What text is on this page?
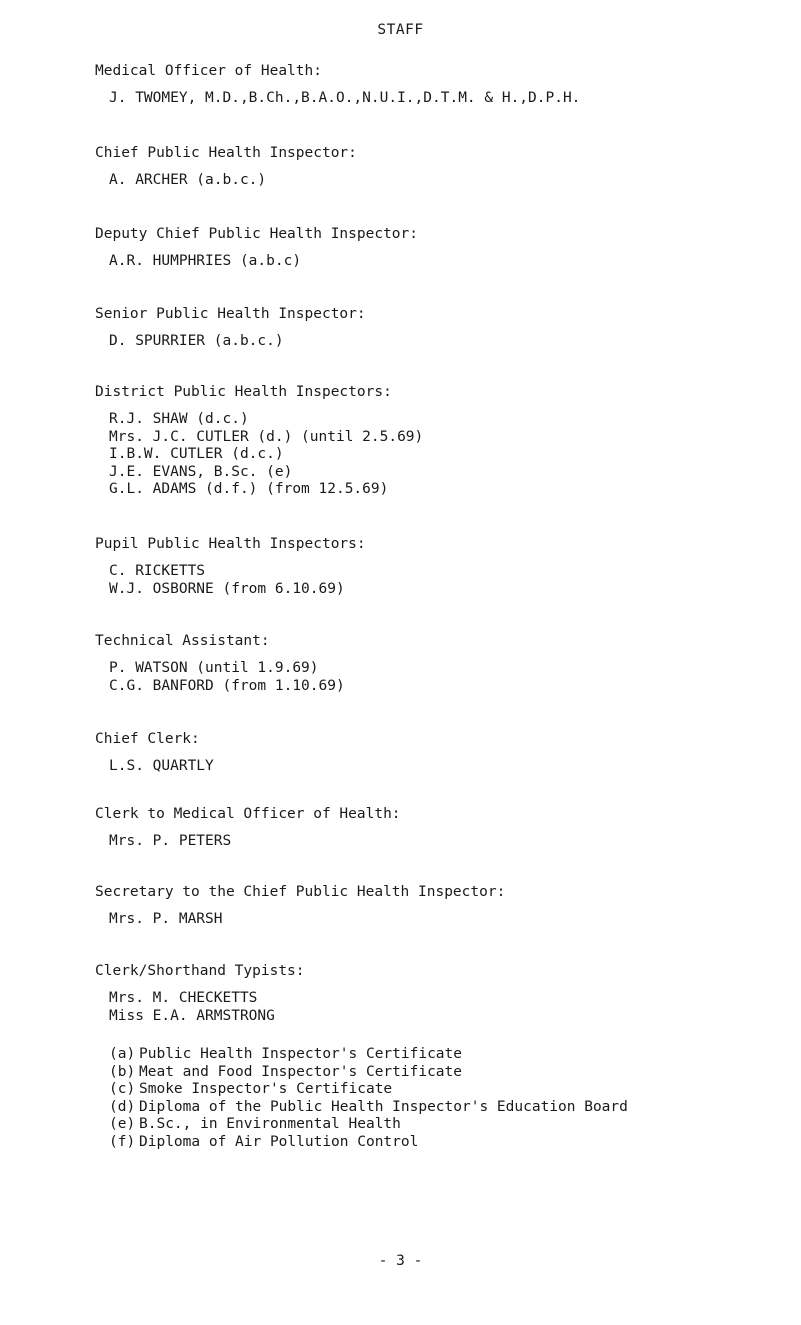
STAFF
Medical Officer of Health:
J. TWOMEY, M.D.,B.Ch.,B.A.O.,N.U.I.,D.T.M. & H.,D.P.H.
Chief Public Health Inspector:
A. ARCHER (a.b.c.)
Deputy Chief Public Health Inspector:
A.R. HUMPHRIES (a.b.c)
Senior Public Health Inspector:
D. SPURRIER (a.b.c.)
District Public Health Inspectors:
R.J. SHAW (d.c.)
Mrs. J.C. CUTLER (d.) (until 2.5.69)
I.B.W. CUTLER (d.c.)
J.E. EVANS, B.Sc. (e)
G.L. ADAMS (d.f.) (from 12.5.69)
Pupil Public Health Inspectors:
C. RICKETTS
W.J. OSBORNE (from 6.10.69)
Technical Assistant:
P. WATSON (until 1.9.69)
C.G. BANFORD (from 1.10.69)
Chief Clerk:
L.S. QUARTLY
Clerk to Medical Officer of Health:
Mrs. P. PETERS
Secretary to the Chief Public Health Inspector:
Mrs. P. MARSH
Clerk/Shorthand Typists:
Mrs. M. CHECKETTS
Miss E.A. ARMSTRONG
(a) Public Health Inspector's Certificate
(b) Meat and Food Inspector's Certificate
(c) Smoke Inspector's Certificate
(d) Diploma of the Public Health Inspector's Education Board
(e) B.Sc., in Environmental Health
(f) Diploma of Air Pollution Control
- 3 -
